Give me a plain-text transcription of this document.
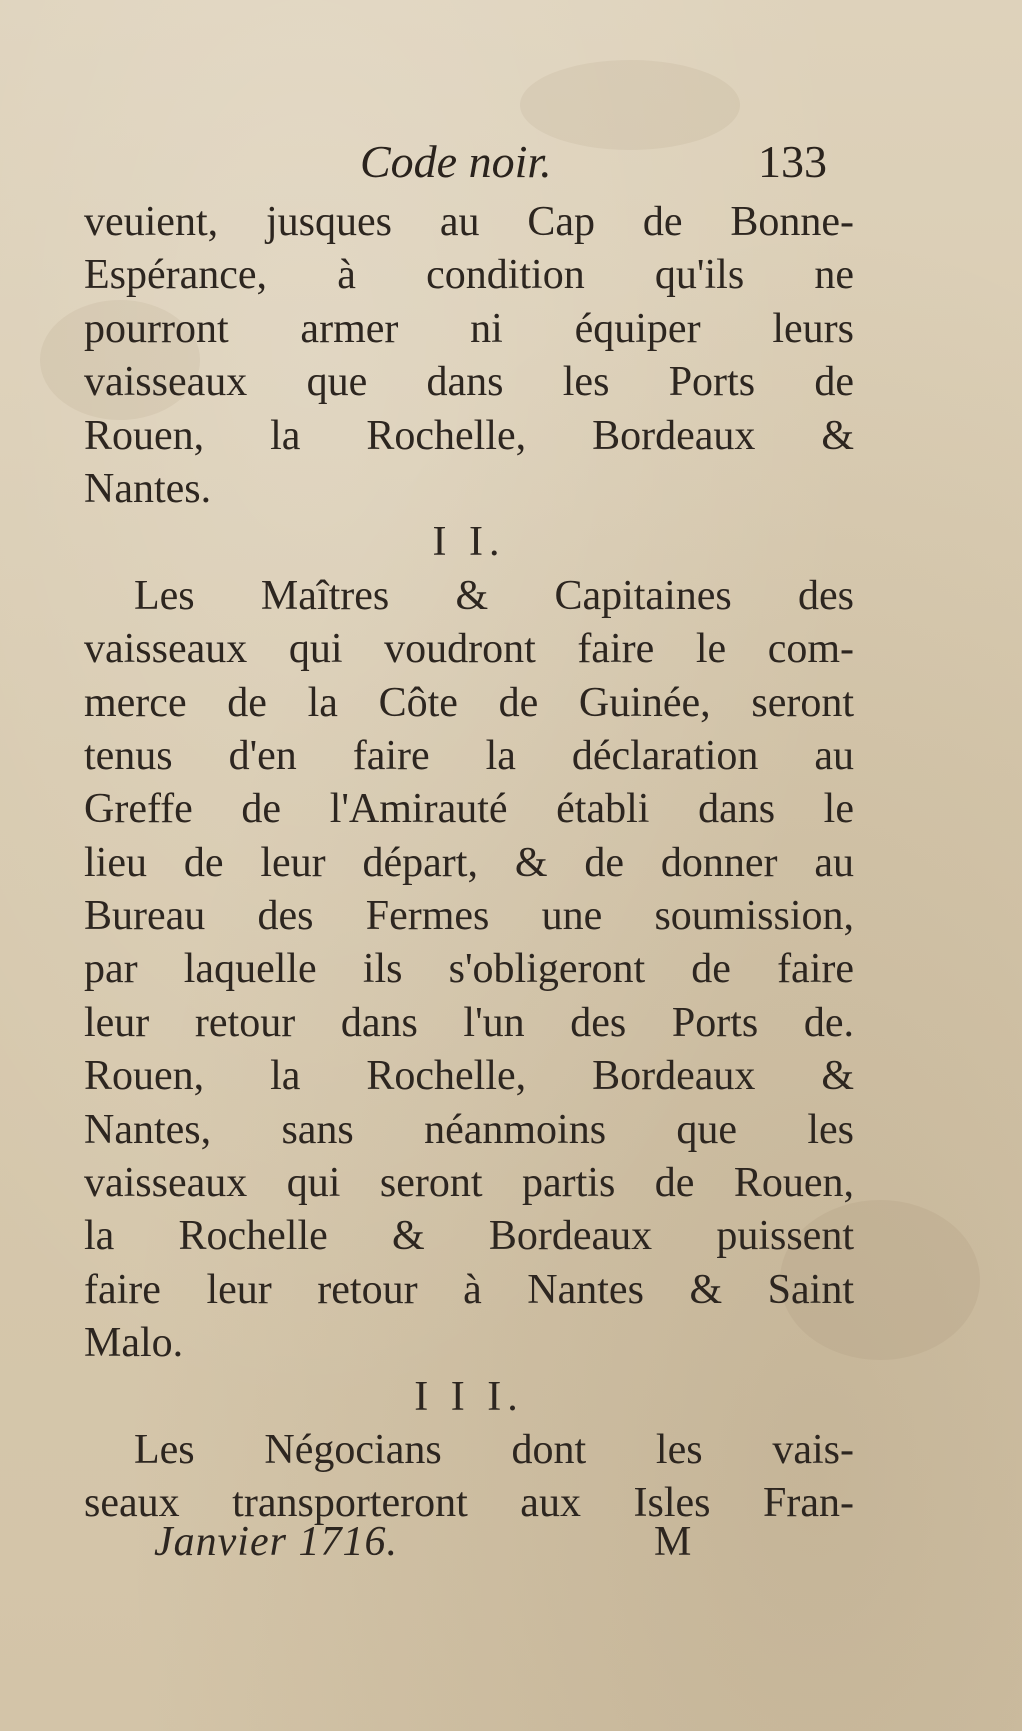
Code noir.	133
veuient, jusques au Cap de Bonne-
Espérance, à condition qu'ils ne
pourront armer ni équiper leurs
vaisseaux que dans les Ports de
Rouen, la Rochelle, Bordeaux &
Nantes.
I I.
Les Maîtres & Capitaines des
vaisseaux qui voudront faire le com-
merce de la Côte de Guinée, seront
tenus d'en faire la déclaration au
Greffe de l'Amirauté établi dans le
lieu de leur départ, & de donner au
Bureau des Fermes une soumission,
par laquelle ils s'obligeront de faire
leur retour dans l'un des Ports de.
Rouen, la Rochelle, Bordeaux &
Nantes, sans néanmoins que les
vaisseaux qui seront partis de Rouen,
la Rochelle & Bordeaux puissent
faire leur retour à Nantes & Saint
Malo.
I I I.
Les Négocians dont les vais-
seaux transporteront aux Isles Fran-
Janvier 1716.	M
